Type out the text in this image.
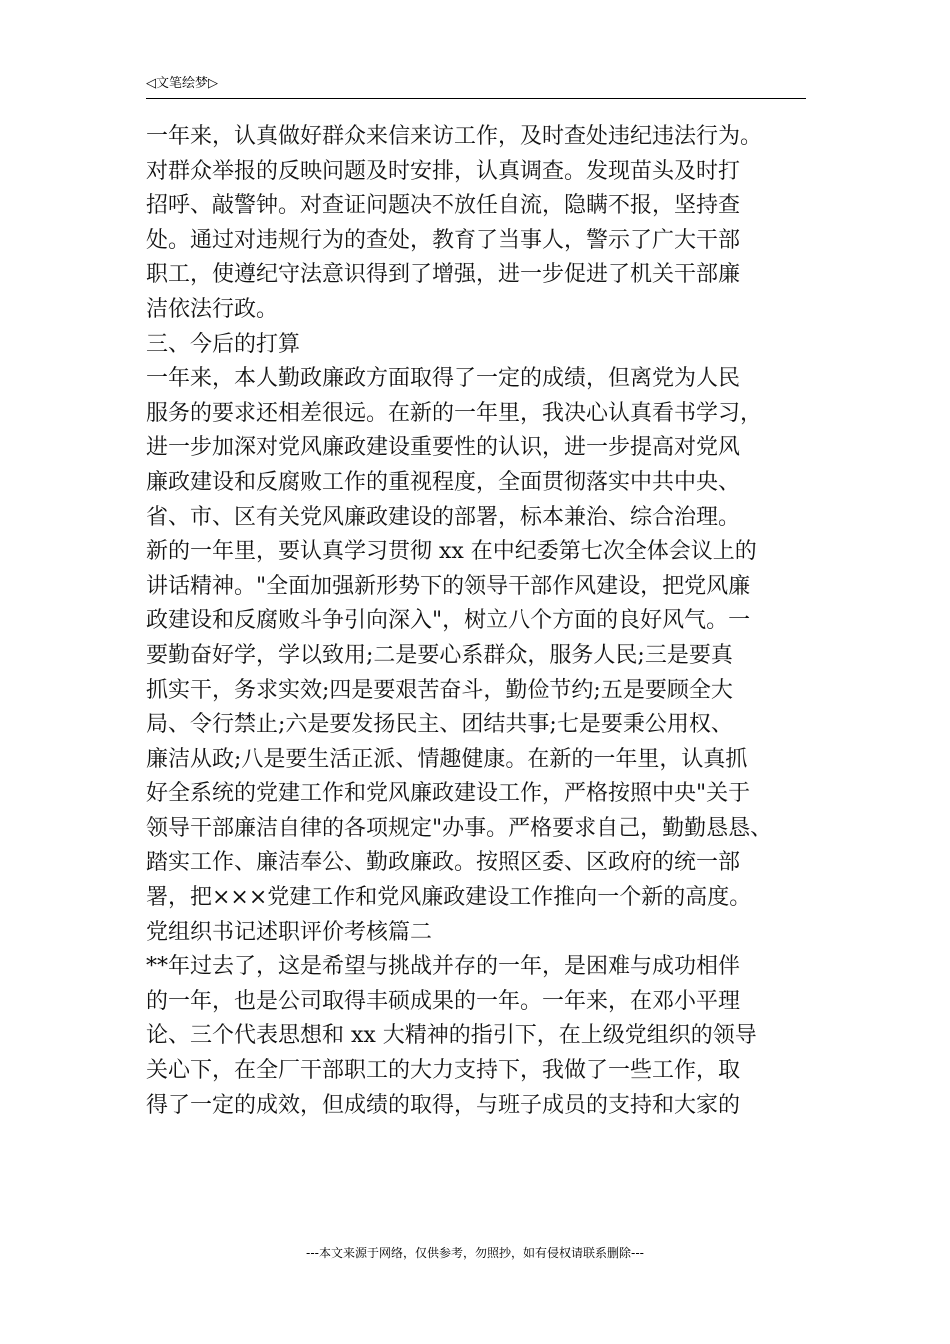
◁文笔绘梦▷
一年来，认真做好群众来信来访工作，及时查处违纪违法行为。
对群众举报的反映问题及时安排，认真调查。发现苗头及时打
招呼、敲警钟。对查证问题决不放任自流，隐瞒不报，坚持查
处。通过对违规行为的查处，教育了当事人，警示了广大干部
职工，使遵纪守法意识得到了增强，进一步促进了机关干部廉
洁依法行政。
三、今后的打算
一年来，本人勤政廉政方面取得了一定的成绩，但离党为人民
服务的要求还相差很远。在新的一年里，我决心认真看书学习，
进一步加深对党风廉政建设重要性的认识，进一步提高对党风
廉政建设和反腐败工作的重视程度，全面贯彻落实中共中央、
省、市、区有关党风廉政建设的部署，标本兼治、综合治理。
新的一年里，要认真学习贯彻 xx 在中纪委第七次全体会议上的
讲话精神。"全面加强新形势下的领导干部作风建设，把党风廉
政建设和反腐败斗争引向深入"，树立八个方面的良好风气。一
要勤奋好学，学以致用;二是要心系群众，服务人民;三是要真
抓实干，务求实效;四是要艰苦奋斗，勤俭节约;五是要顾全大
局、令行禁止;六是要发扬民主、团结共事;七是要秉公用权、
廉洁从政;八是要生活正派、情趣健康。在新的一年里，认真抓
好全系统的党建工作和党风廉政建设工作，严格按照中央"关于
领导干部廉洁自律的各项规定"办事。严格要求自己，勤勤恳恳、
踏实工作、廉洁奉公、勤政廉政。按照区委、区政府的统一部
署，把×××党建工作和党风廉政建设工作推向一个新的高度。
党组织书记述职评价考核篇二
**年过去了，这是希望与挑战并存的一年，是困难与成功相伴
的一年，也是公司取得丰硕成果的一年。一年来，在邓小平理
论、三个代表思想和 xx 大精神的指引下，在上级党组织的领导
关心下，在全厂干部职工的大力支持下，我做了一些工作，取
得了一定的成效，但成绩的取得，与班子成员的支持和大家的
---本文来源于网络，仅供参考，勿照抄，如有侵权请联系删除---
